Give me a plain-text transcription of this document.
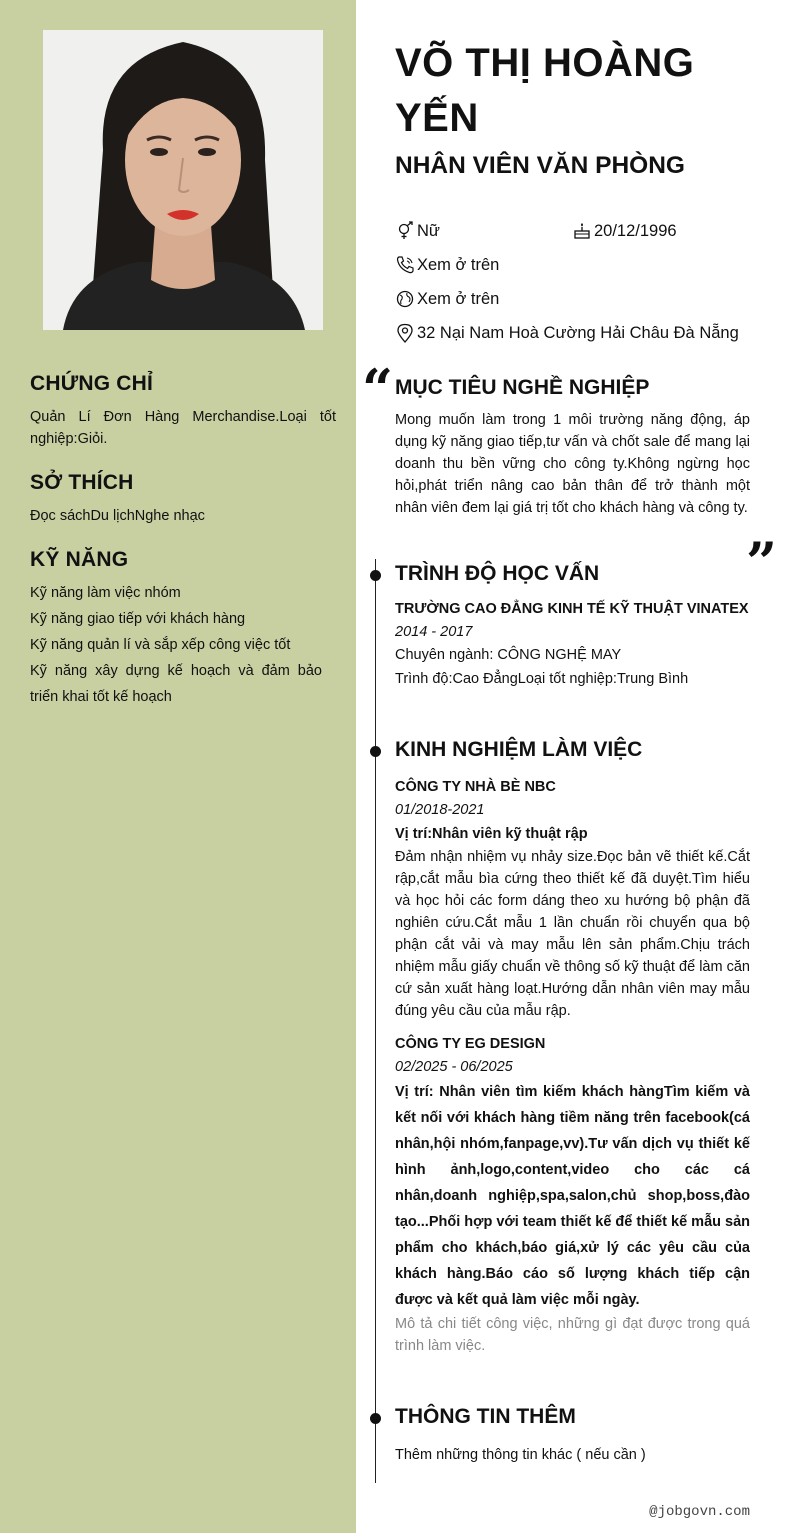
CHỨNG CHỈ

Quản Lí Đơn Hàng Merchandise.Loại tốt nghiệp:Giỏi.

SỞ THÍCH

Đọc sáchDu lịchNghe nhạc

KỸ NĂNG
Kỹ năng làm việc nhóm
Kỹ năng giao tiếp với khách hàng
Kỹ năng quản lí và sắp xếp công việc tốt
Kỹ năng xây dựng kế hoạch và đảm bảo triển khai tốt kế hoạch
VÕ THỊ HOÀNG YẾN
NHÂN VIÊN VĂN PHÒNG
Nữ	20/12/1996
Xem ở trên
Xem ở trên
32 Nại Nam Hoà Cường Hải Châu Đà Nẵng
“
”
MỤC TIÊU NGHỀ NGHIỆP

Mong muốn làm trong 1 môi trường năng động, áp dụng kỹ năng giao tiếp,tư vấn và chốt sale để mang lại doanh thu bền vững cho công ty.Không ngừng học hỏi,phát triển nâng cao bản thân để trở thành một nhân viên đem lại giá trị tốt cho khách hàng và công ty.

TRÌNH ĐỘ HỌC VẤN
TRƯỜNG CAO ĐẲNG KINH TẾ KỸ THUẬT VINATEX
2014 - 2017
Chuyên ngành: CÔNG NGHỆ MAY
Trình độ:Cao ĐẳngLoại tốt nghiệp:Trung Bình
KINH NGHIỆM LÀM VIỆC
CÔNG TY NHÀ BÈ NBC
01/2018-2021
Vị trí:Nhân viên kỹ thuật rập

Đảm nhận nhiệm vụ nhảy size.Đọc bản vẽ thiết kế.Cắt rập,cắt mẫu bìa cứng theo thiết kế đã duyệt.Tìm hiểu và học hỏi các form dáng theo xu hướng bộ phận đã nghiên cứu.Cắt mẫu 1 lần chuẩn rồi chuyển qua bộ phận cắt vải và may mẫu lên sản phẩm.Chịu trách nhiệm mẫu giấy chuẩn về thông số kỹ thuật để làm căn cứ sản xuất hàng loạt.Hướng dẫn nhân viên may mẫu đúng yêu cầu của mẫu rập.

CÔNG TY EG DESIGN
02/2025 - 06/2025
Vị trí: Nhân viên tìm kiếm khách hàngTìm kiếm và kết nối với khách hàng tiềm năng trên facebook(cá nhân,hội nhóm,fanpage,vv).Tư vấn dịch vụ thiết kế hình ảnh,logo,content,video cho các cá nhân,doanh nghiệp,spa,salon,chủ shop,boss,đào tạo...Phối hợp với team thiết kế để thiết kế mẫu sản phẩm cho khách,báo giá,xử lý các yêu cầu của khách hàng.Báo cáo số lượng khách tiếp cận được và kết quả làm việc mỗi ngày.

Mô tả chi tiết công việc, những gì đạt được trong quá trình làm việc.

THÔNG TIN THÊM
Thêm những thông tin khác ( nếu cần )
@jobgovn.com
